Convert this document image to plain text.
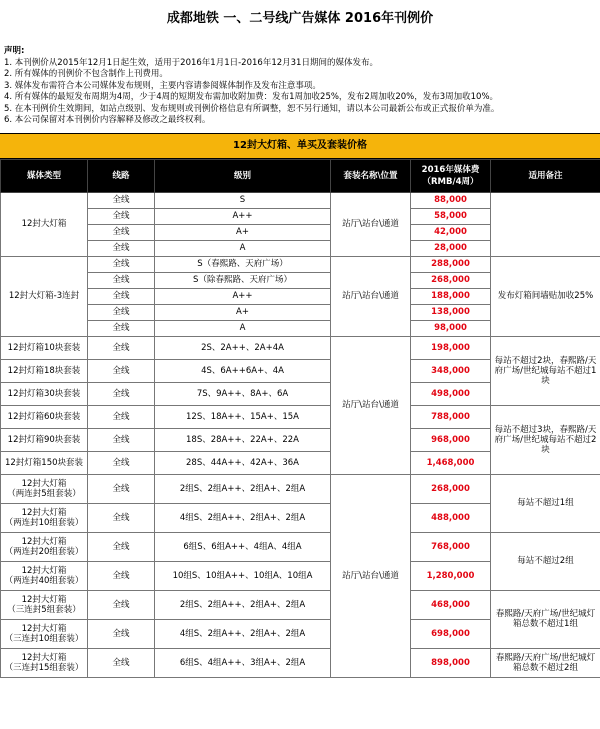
成都地铁 一、二号线广告媒体 2016年刊例价
声明:
1. 本刊例价从2015年12月1日起生效，适用于2016年1月1日-2016年12月31日期间的媒体发布。
2. 所有媒体的刊例价不包含制作上刊费用。
3. 媒体发布需符合本公司媒体发布规则，主要内容请参阅媒体制作及发布注意事项。
4. 所有媒体的最短发布周期为4周，少于4周的短期发布需加收附加费：发布1周加收25%，发布2周加收20%，发布3周加收10%。
5. 在本刊例价生效期间，如站点级别、发布规则或刊例价格信息有所调整，恕不另行通知，请以本公司最新公布或正式报价单为准。
6. 本公司保留对本刊例价内容解释及修改之最终权利。
12封大灯箱、单买及套装价格
媒体类型	线路	级别	套装名称\位置	2016年媒体费
（RMB/4周）	适用备注
12封大灯箱	全线	S	站厅\站台\通道	88,000	
	全线	A++		58,000	
	全线	A+		42,000	
	全线	A		28,000	
12封大灯箱-3连封	全线	S（春熙路、天府广场）	站厅\站台\通道	288,000	发布灯箱间墙贴加收25%
	全线	S（除春熙路、天府广场）		268,000	
	全线	A++		188,000	
	全线	A+		138,000	
	全线	A		98,000	
12封灯箱10块套装	全线	2S、2A++、2A+4A	站厅\站台\通道	198,000	每站不超过2块，春熙路/天府广场/世纪城每站不超过1块
12封灯箱18块套装	全线	4S、6A++6A+、4A		348,000	
12封灯箱30块套装	全线	7S、9A++、8A+、6A		498,000	
12封灯箱60块套装	全线	12S、18A++、15A+、15A		788,000	每站不超过3块，春熙路/天府广场/世纪城每站不超过2块
12封灯箱90块套装	全线	18S、28A++、22A+、22A		968,000	
12封灯箱150块套装	全线	28S、44A++、42A+、36A		1,468,000	
12封大灯箱
（两连封5组套装）	全线	2组S、2组A++、2组A+、2组A	站厅\站台\通道	268,000	每站不超过1组
12封大灯箱
（两连封10组套装）	全线	4组S、2组A++、2组A+、2组A		488,000	
12封大灯箱
（两连封20组套装）	全线	6组S、6组A++、4组A、4组A		768,000	每站不超过2组
12封大灯箱
（两连封40组套装）	全线	10组S、10组A++、10组A、10组A		1,280,000	
12封大灯箱
（三连封5组套装）	全线	2组S、2组A++、2组A+、2组A		468,000	春熙路/天府广场/世纪城灯箱总数不超过1组
12封大灯箱
（三连封10组套装）	全线	4组S、2组A++、2组A+、2组A		698,000	
12封大灯箱
（三连封15组套装）	全线	6组S、4组A++、3组A+、2组A		898,000	春熙路/天府广场/世纪城灯箱总数不超过2组
